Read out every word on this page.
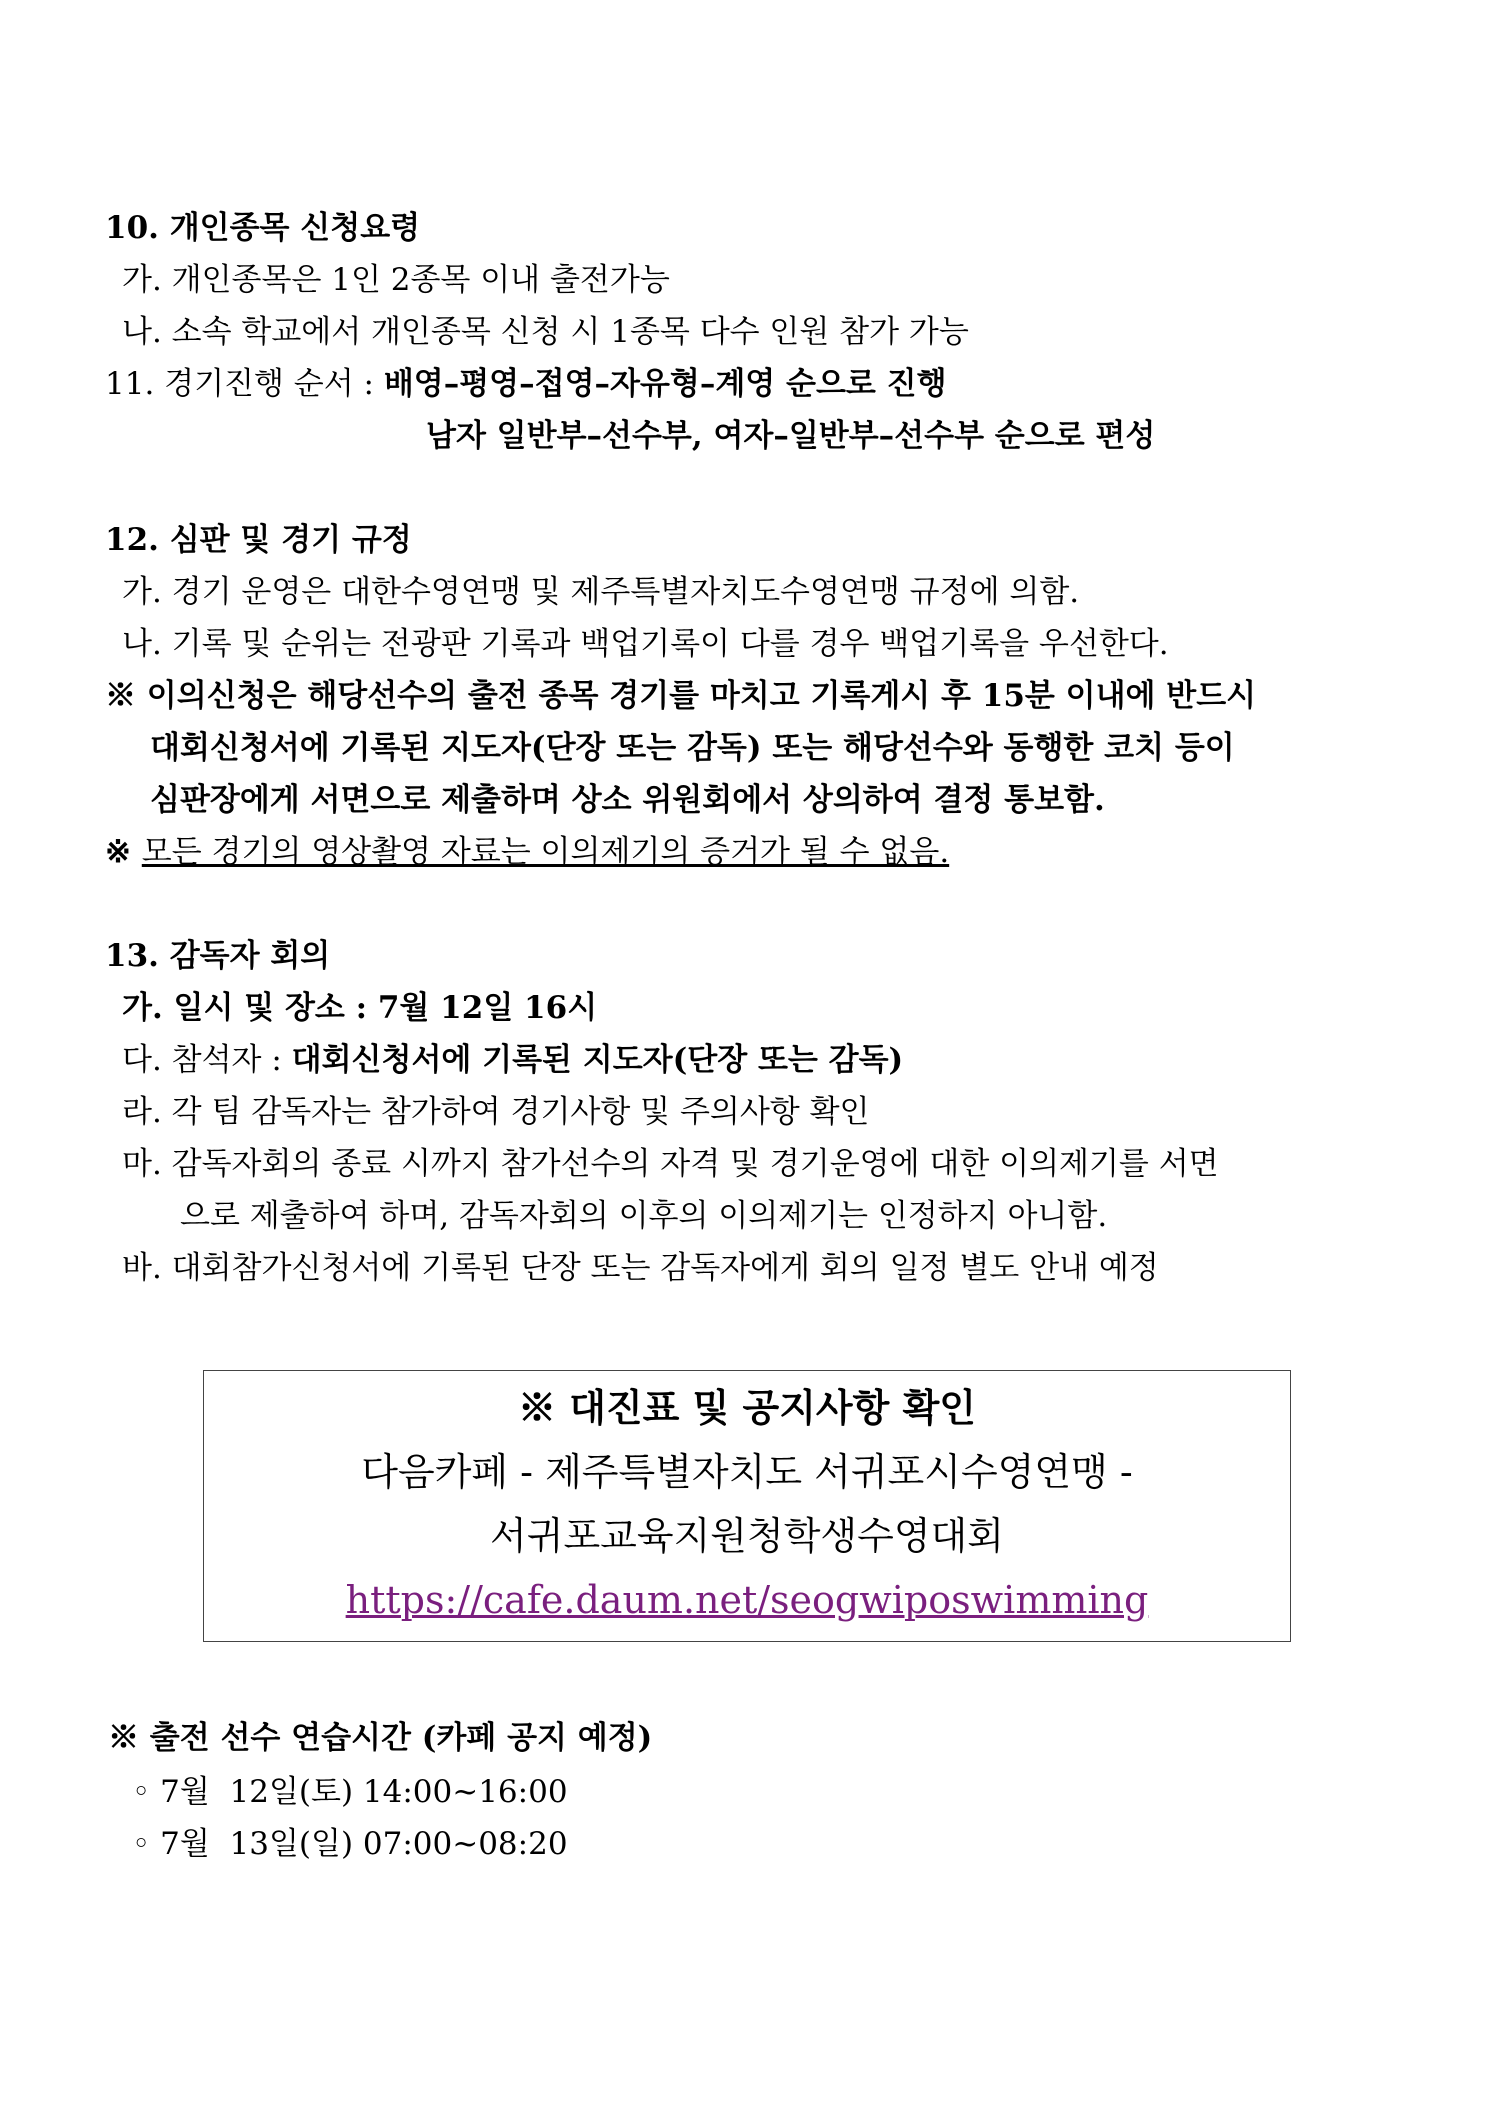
10. 개인종목 신청요령
가. 개인종목은 1인 2종목 이내 출전가능
나. 소속 학교에서 개인종목 신청 시 1종목 다수 인원 참가 가능
11. 경기진행 순서 : 배영–평영–접영–자유형–계영 순으로 진행
남자 일반부–선수부, 여자–일반부–선수부 순으로 편성
12. 심판 및 경기 규정
가. 경기 운영은 대한수영연맹 및 제주특별자치도수영연맹 규정에 의함.
나. 기록 및 순위는 전광판 기록과 백업기록이 다를 경우 백업기록을 우선한다.
※ 이의신청은 해당선수의 출전 종목 경기를 마치고 기록게시 후 15분 이내에 반드시
대회신청서에 기록된 지도자(단장 또는 감독) 또는 해당선수와 동행한 코치 등이
심판장에게 서면으로 제출하며 상소 위원회에서 상의하여 결정 통보함.
※ 모든 경기의 영상촬영 자료는 이의제기의 증거가 될 수 없음.
13. 감독자 회의
가. 일시 및 장소 : 7월 12일 16시
다. 참석자 : 대회신청서에 기록된 지도자(단장 또는 감독)
라. 각 팀 감독자는 참가하여 경기사항 및 주의사항 확인
마. 감독자회의 종료 시까지 참가선수의 자격 및 경기운영에 대한 이의제기를 서면
으로 제출하여 하며, 감독자회의 이후의 이의제기는 인정하지 아니함.
바. 대회참가신청서에 기록된 단장 또는 감독자에게 회의 일정 별도 안내 예정
※ 대진표 및 공지사항 확인
다음카페 - 제주특별자치도 서귀포시수영연맹 -
서귀포교육지원청학생수영대회
https://cafe.daum.net/seogwiposwimming
※ 출전 선수 연습시간 (카페 공지 예정)
◦ 7월  12일(토) 14:00~16:00
◦ 7월  13일(일) 07:00~08:20
